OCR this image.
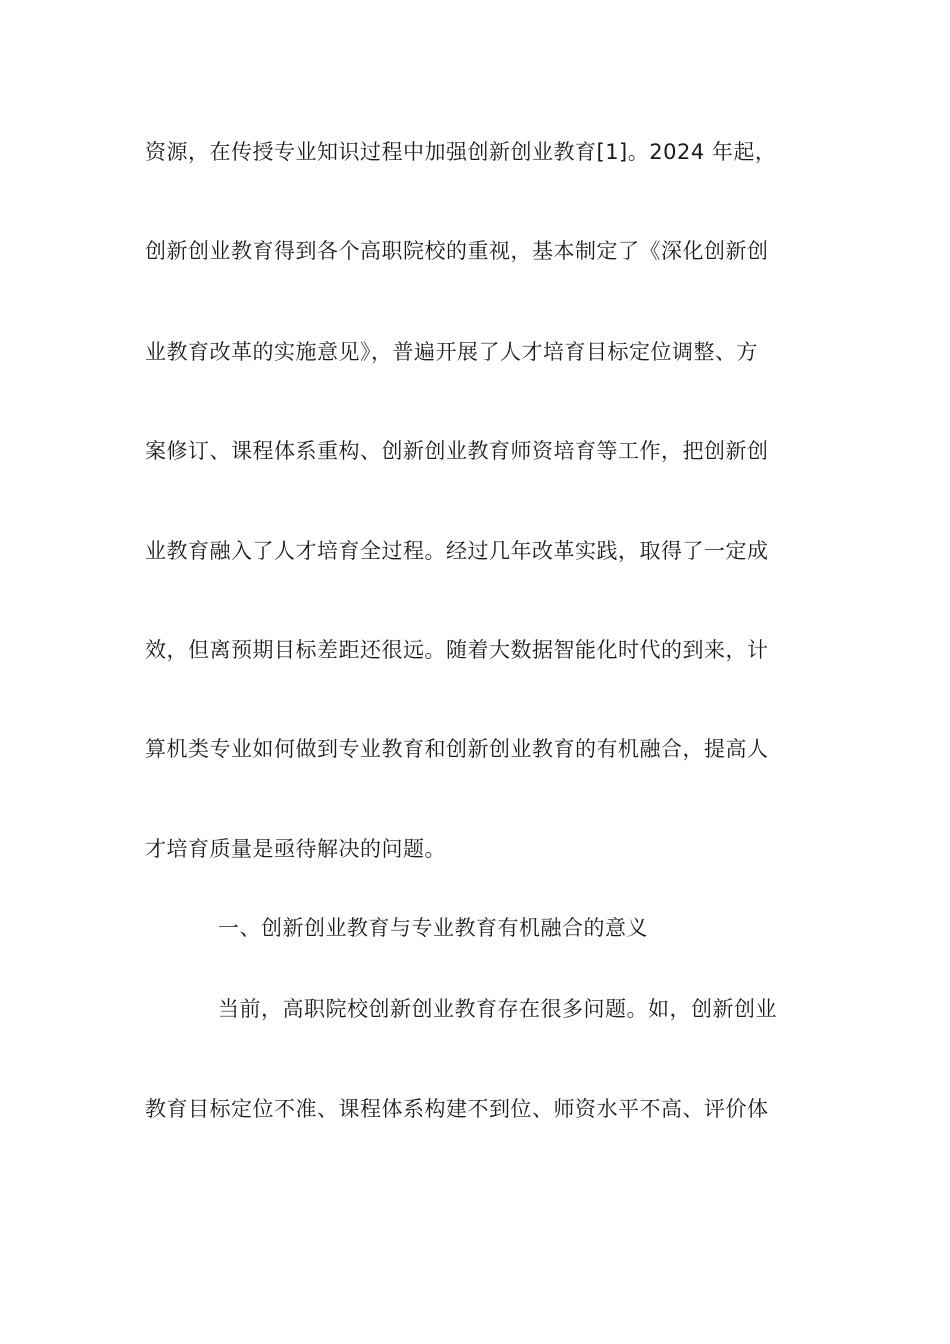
资源，在传授专业知识过程中加强创新创业教育[1]。2024 年起，
创新创业教育得到各个高职院校的重视，基本制定了《深化创新创
业教育改革的实施意见》，普遍开展了人才培育目标定位调整、方
案修订、课程体系重构、创新创业教育师资培育等工作，把创新创
业教育融入了人才培育全过程。经过几年改革实践，取得了一定成
效，但离预期目标差距还很远。随着大数据智能化时代的到来，计
算机类专业如何做到专业教育和创新创业教育的有机融合，提高人
才培育质量是亟待解决的问题。
一、创新创业教育与专业教育有机融合的意义
当前，高职院校创新创业教育存在很多问题。如，创新创业
教育目标定位不准、课程体系构建不到位、师资水平不高、评价体
